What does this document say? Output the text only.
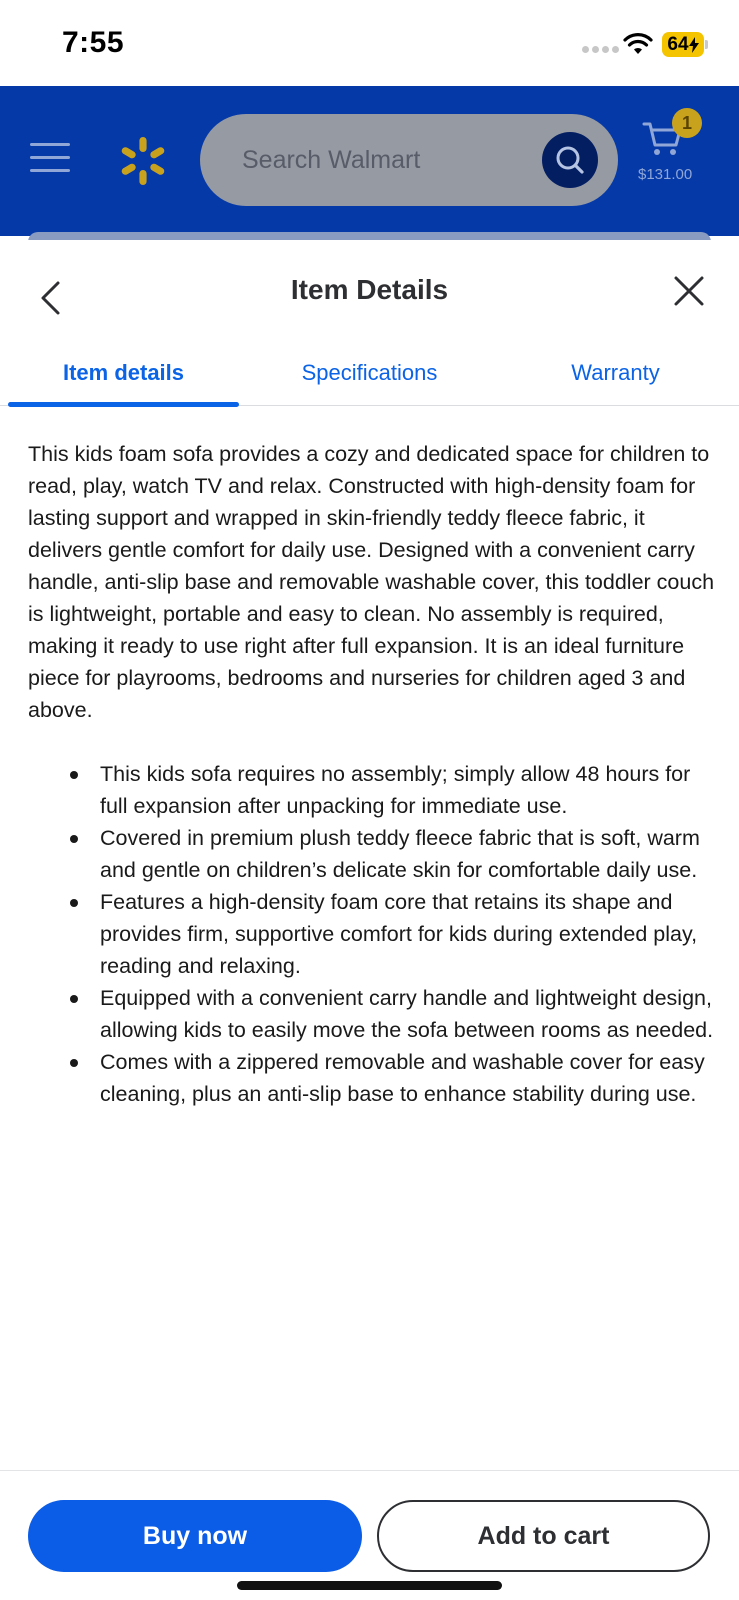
7:55	64
Search Walmart
1
$131.00
Item Details
Item details	Specifications	Warranty

This kids foam sofa provides a cozy and dedicated space for children to read, play, watch TV and relax. Constructed with high-density foam for lasting support and wrapped in skin-friendly teddy fleece fabric, it delivers gentle comfort for daily use. Designed with a convenient carry handle, anti-slip base and removable washable cover, this toddler couch is lightweight, portable and easy to clean. No assembly is required, making it ready to use right after full expansion. It is an ideal furniture piece for playrooms, bedrooms and nurseries for children aged 3 and above.

This kids sofa requires no assembly; simply allow 48 hours for full expansion after unpacking for immediate use.
Covered in premium plush teddy fleece fabric that is soft, warm and gentle on children’s delicate skin for comfortable daily use.
Features a high-density foam core that retains its shape and provides firm, supportive comfort for kids during extended play, reading and relaxing.
Equipped with a convenient carry handle and lightweight design, allowing kids to easily move the sofa between rooms as needed.
Comes with a zippered removable and washable cover for easy cleaning, plus an anti-slip base to enhance stability during use.
Buy now	Add to cart
